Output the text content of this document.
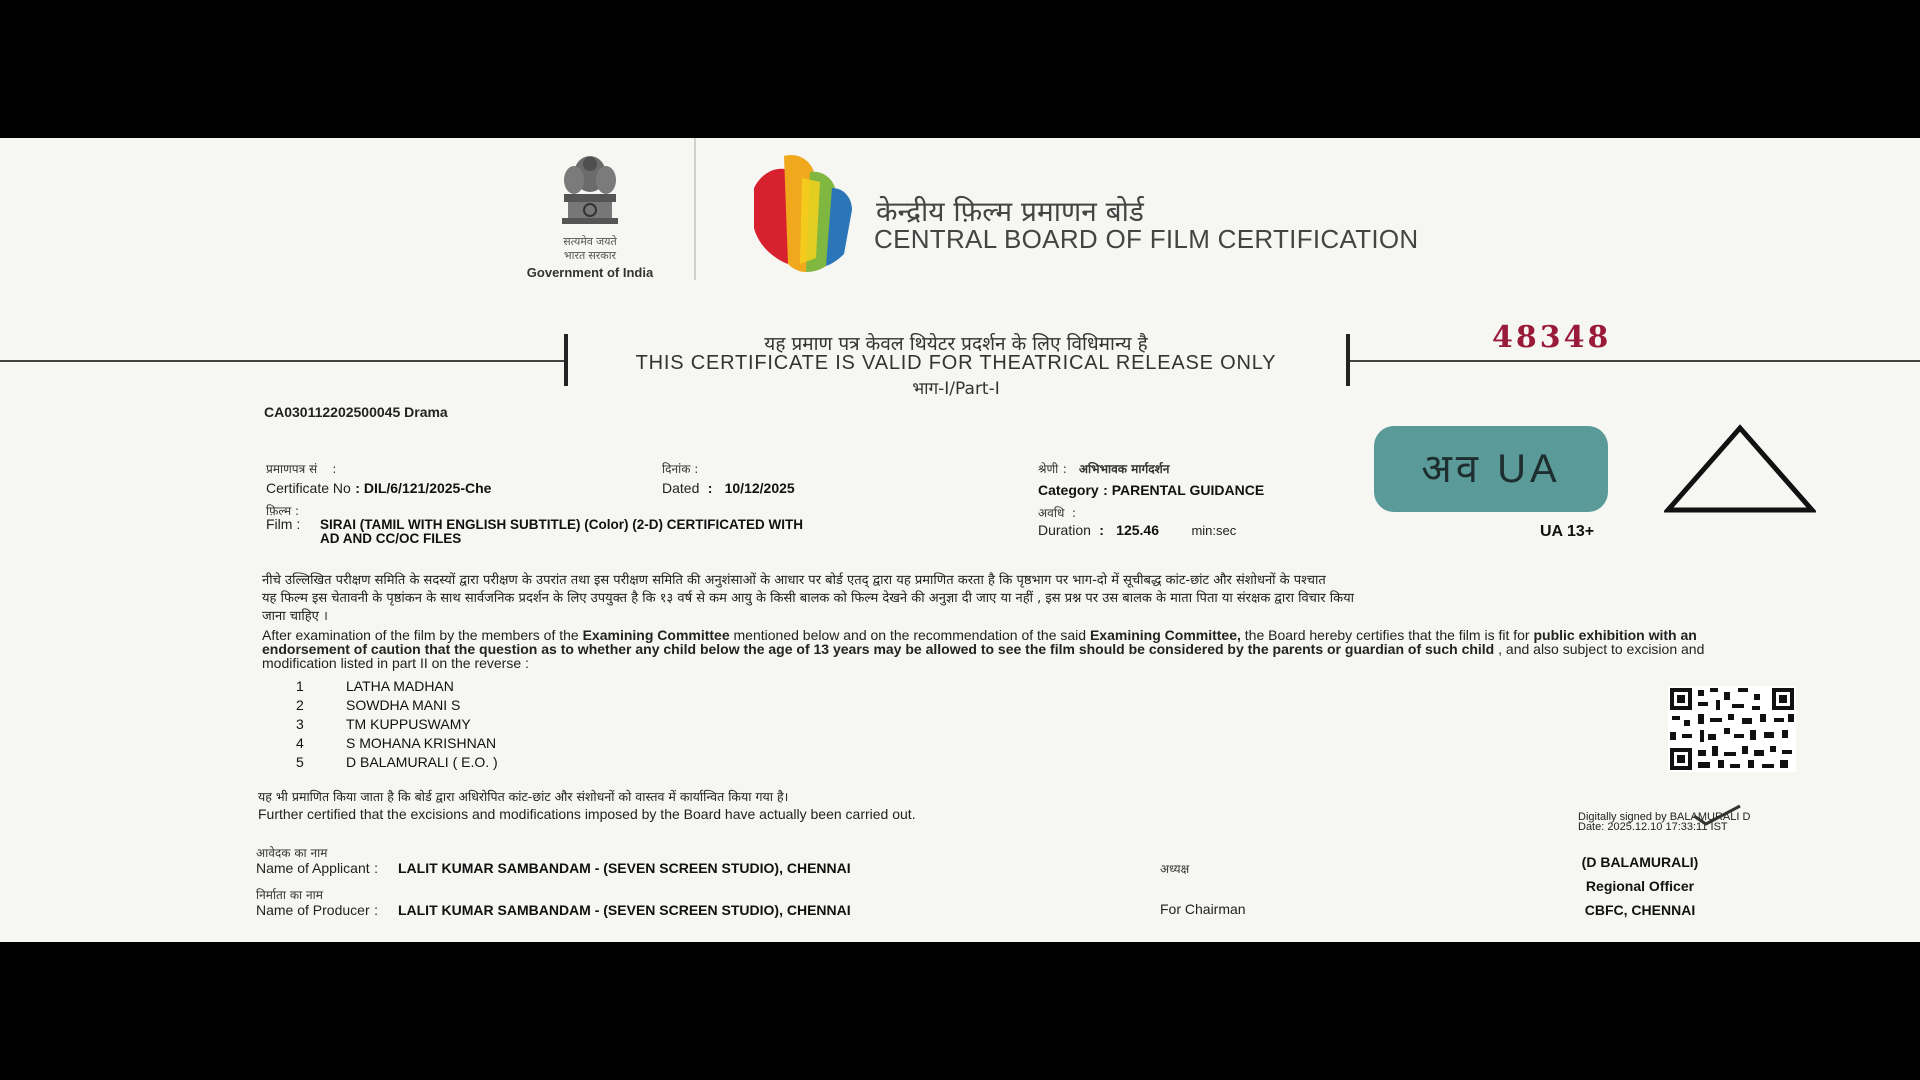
सत्यमेव जयते
भारत सरकार
Government of India
केन्द्रीय फ़िल्म प्रमाणन बोर्ड
CENTRAL BOARD OF FILM CERTIFICATION
यह प्रमाण पत्र केवल थियेटर प्रदर्शन के लिए विधिमान्य है
THIS CERTIFICATE IS VALID FOR THEATRICAL RELEASE ONLY
भाग-I/Part-I
48348
CA030112202500045 Drama
प्रमाणपत्र सं    :
Certificate No : DIL/6/121/2025-Che
दिनांक :
Dated  :   10/12/2025
श्रेणी :   अभिभावक मार्गदर्शन
Category : PARENTAL GUIDANCE
फ़िल्म :
Film : SIRAI (TAMIL WITH ENGLISH SUBTITLE) (Color) (2-D) CERTIFICATED WITH
AD AND CC/OC FILES
अवधि  :
Duration  :   125.46 min:sec
अव UA
UA 13+
नीचे उल्लिखित परीक्षण समिति के सदस्यों द्वारा परीक्षण के उपरांत तथा इस परीक्षण समिति की अनुशंसाओं के आधार पर बोर्ड एतद् द्वारा यह प्रमाणित करता है कि पृष्ठभाग पर भाग-दो में सूचीबद्ध कांट-छांट और संशोधनों के पश्चात
यह फिल्म इस चेतावनी के पृष्ठांकन के साथ सार्वजनिक प्रदर्शन के लिए उपयुक्त है कि १३ वर्ष से कम आयु के किसी बालक को फिल्म देखने की अनुज्ञा दी जाए या नहीं , इस प्रश्न पर उस बालक के माता पिता या संरक्षक द्वारा विचार किया
जाना चाहिए ।
After examination of the film by the members of the Examining Committee mentioned below and on the recommendation of the said Examining Committee, the Board hereby certifies that the film is fit for public exhibition with an endorsement of caution that the question as to whether any child below the age of 13 years may be allowed to see the film should be considered by the parents or guardian of such child , and also subject to excision and modification listed in part II on the reverse :
1	LATHA MADHAN
2	SOWDHA MANI S
3	TM KUPPUSWAMY
4	S MOHANA KRISHNAN
5	D BALAMURALI ( E.O. )
यह भी प्रमाणित किया जाता है कि बोर्ड द्वारा अधिरोपित कांट-छांट और संशोधनों को वास्तव में कार्यान्वित किया गया है।
Further certified that the excisions and modifications imposed by the Board have actually been carried out.	Digitally signed by BALAMURALI D
Date: 2025.12.10 17:33:11 IST
आवेदक का नाम
Name of Applicant :     LALIT KUMAR SAMBANDAM - (SEVEN SCREEN STUDIO), CHENNAI
निर्माता का नाम
Name of Producer :     LALIT KUMAR SAMBANDAM - (SEVEN SCREEN STUDIO), CHENNAI
अध्यक्ष
For Chairman
(D BALAMURALI)
Regional Officer
CBFC, CHENNAI
